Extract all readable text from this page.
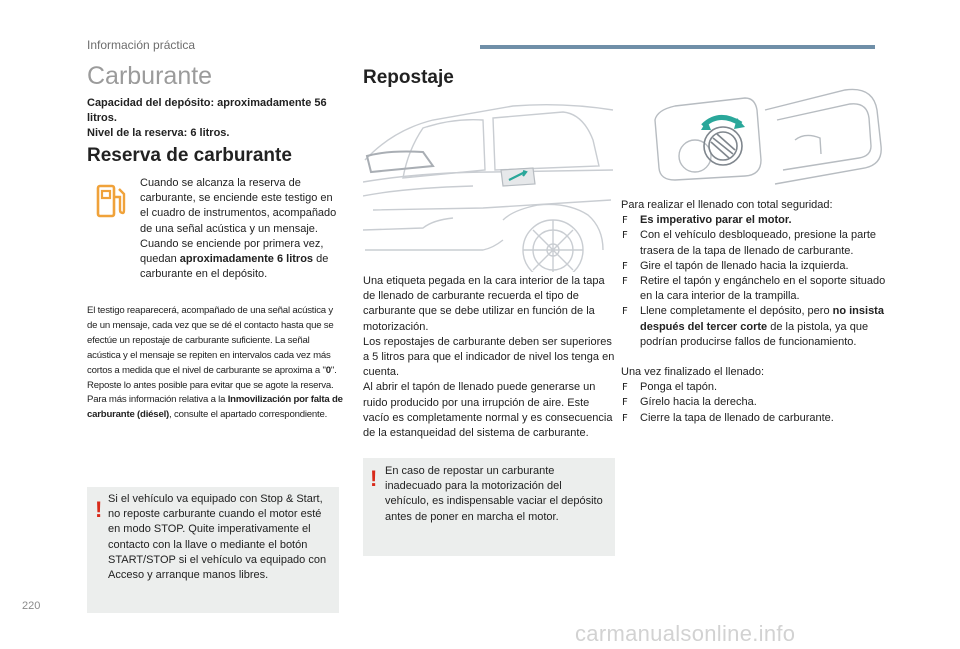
Información práctica
Carburante
Capacidad del depósito: aproximadamente 56 litros.
Nivel de la reserva: 6 litros.
Reserva de carburante
Cuando se alcanza la reserva de carburante, se enciende este testigo en el cuadro de instrumentos, acompañado de una señal acústica y un mensaje. Cuando se enciende por primera vez, quedan aproximadamente 6 litros de carburante en el depósito.
El testigo reaparecerá, acompañado de una señal acústica y de un mensaje, cada vez que se dé el contacto hasta que se efectúe un repostaje de carburante suficiente. La señal acústica y el mensaje se repiten en intervalos cada vez más cortos a medida que el nivel de carburante se aproxima a "0".
Reposte lo antes posible para evitar que se agote la reserva.
Para más información relativa a la Inmovilización por falta de carburante (diésel), consulte el apartado correspondiente.
! Si el vehículo va equipado con Stop & Start, no reposte carburante cuando el motor esté en modo STOP. Quite imperativamente el contacto con la llave o mediante el botón START/STOP si el vehículo va equipado con Acceso y arranque manos libres.
Repostaje
Una etiqueta pegada en la cara interior de la tapa de llenado de carburante recuerda el tipo de carburante que se debe utilizar en función de la motorización.
Los repostajes de carburante deben ser superiores a 5 litros para que el indicador de nivel los tenga en cuenta.
Al abrir el tapón de llenado puede generarse un ruido producido por una irrupción de aire. Este vacío es completamente normal y es consecuencia de la estanqueidad del sistema de carburante.
! En caso de repostar un carburante inadecuado para la motorización del vehículo, es indispensable vaciar el depósito antes de poner en marcha el motor.

Para realizar el llenado con total seguridad:

F Es imperativo parar el motor.

F Con el vehículo desbloqueado, presione la parte trasera de la tapa de llenado de carburante.

F Gire el tapón de llenado hacia la izquierda.

F Retire el tapón y engánchelo en el soporte situado en la cara interior de la trampilla.

F Llene completamente el depósito, pero no insista después del tercer corte de la pistola, ya que podrían producirse fallos de funcionamiento.

Una vez finalizado el llenado:

F Ponga el tapón.

F Gírelo hacia la derecha.

F Cierre la tapa de llenado de carburante.

220
carmanualsonline.info
